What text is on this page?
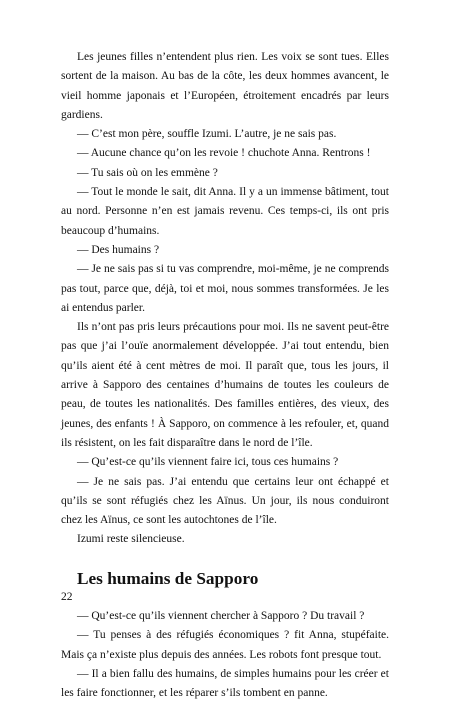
Les jeunes filles n’entendent plus rien. Les voix se sont tues. Elles sortent de la maison. Au bas de la côte, les deux hommes avancent, le vieil homme japonais et l’Européen, étroitement encadrés par leurs gardiens.

— C’est mon père, souffle Izumi. L’autre, je ne sais pas.

— Aucune chance qu’on les revoie ! chuchote Anna. Rentrons !

— Tu sais où on les emmène ?

— Tout le monde le sait, dit Anna. Il y a un immense bâtiment, tout au nord. Personne n’en est jamais revenu. Ces temps-ci, ils ont pris beaucoup d’humains.

— Des humains ?

— Je ne sais pas si tu vas comprendre, moi-même, je ne comprends pas tout, parce que, déjà, toi et moi, nous sommes transformées. Je les ai entendus parler.

Ils n’ont pas pris leurs précautions pour moi. Ils ne savent peut-être pas que j’ai l’ouïe anormalement développée. J’ai tout entendu, bien qu’ils aient été à cent mètres de moi. Il paraît que, tous les jours, il arrive à Sapporo des centaines d’humains de toutes les couleurs de peau, de toutes les nationalités. Des familles entières, des vieux, des jeunes, des enfants ! À Sapporo, on commence à les refouler, et, quand ils résistent, on les fait disparaître dans le nord de l’île.

— Qu’est-ce qu’ils viennent faire ici, tous ces humains ?

— Je ne sais pas. J’ai entendu que certains leur ont échappé et qu’ils se sont réfugiés chez les Aïnus. Un jour, ils nous conduiront chez les Aïnus, ce sont les autochtones de l’île.

Izumi reste silencieuse.

Les humains de Sapporo

— Qu’est-ce qu’ils viennent chercher à Sapporo ? Du travail ?

— Tu penses à des réfugiés économiques ? fit Anna, stupéfaite. Mais ça n’existe plus depuis des années. Les robots font presque tout.

— Il a bien fallu des humains, de simples humains pour les créer et les faire fonctionner, et les réparer s’ils tombent en panne.

22
